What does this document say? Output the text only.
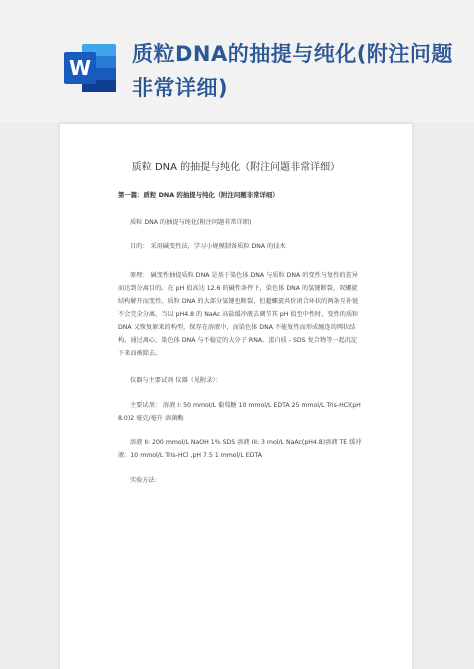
W
质粒DNA的抽提与纯化(附注问题非常详细)

质粒 DNA 的抽提与纯化（附注问题非常详细）
第一篇：质粒 DNA 的抽提与纯化（附注问题非常详细）
质粒 DNA 的抽提与纯化(附注问题非常详细)
目的： 采用碱变性法，学习小规模制备质粒 DNA 的技术
原理： 碱变性抽提质粒 DNA 是基于染色体 DNA 与质粒 DNA 的变性与复性的差异而达到分离目的。在 pH 值高达 12.6 的碱性条件下，染色体 DNA 的氢键断裂，双螺旋结构解开而变性。质粒 DNA 的大部分氢键也断裂，但超螺旋共价闭合环状的两条互补链不会完全分离，当以 pH4.8 的 NaAc 高盐缓冲液去调节其 pH 值至中性时，变性的质粒 DNA 又恢复原来的构型，保存在溶液中，而染色体 DNA 不能复性而形成缠连的网状结构，通过离心，染色体 DNA 与不稳定的大分子 RNA、蛋白质 - SDS 复合物等一起沉淀下来而被除去。
仪器与主要试剂 仪器（见附录）：
主要试剂： 溶液 I: 50 mmol/L 葡萄糖 10 mmol/L EDTA 25 mmol/L Tris-HCl(pH 8.0)2 毫克/毫升 溶菌酶
溶液 II: 200 mmol/L NaOH 1% SDS 溶液 III: 3 mol/L NaAc(pH4.8)溶液 TE 缓冲液：10 mmol/L Tris-HCl ,pH 7.5 1 mmol/L EDTA
实验方法：
